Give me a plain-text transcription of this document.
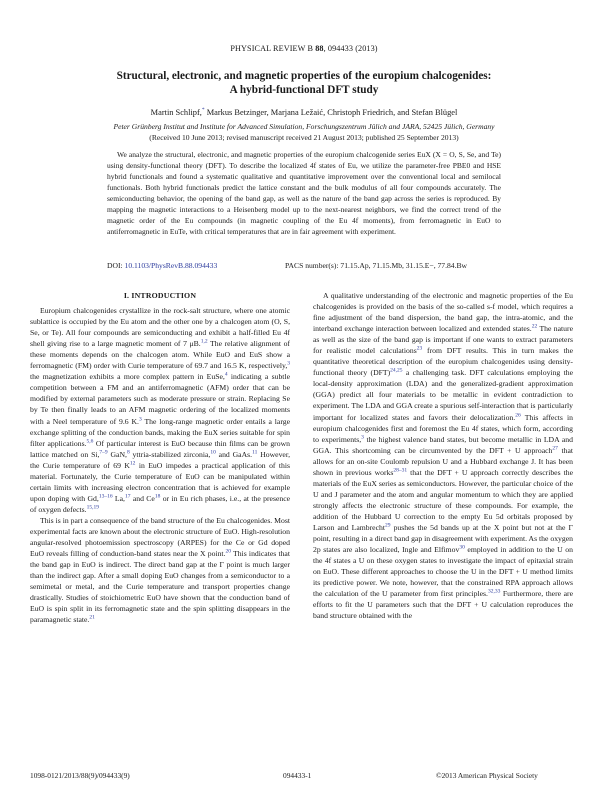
PHYSICAL REVIEW B 88, 094433 (2013)
Structural, electronic, and magnetic properties of the europium chalcogenides:
A hybrid-functional DFT study
Martin Schlipf,* Markus Betzinger, Marjana Ležaić, Christoph Friedrich, and Stefan Blügel
Peter Grünberg Institut and Institute for Advanced Simulation, Forschungszentrum Jülich and JARA, 52425 Jülich, Germany
(Received 10 June 2013; revised manuscript received 21 August 2013; published 25 September 2013)
We analyze the structural, electronic, and magnetic properties of the europium chalcogenide series EuX (X = O, S, Se, and Te) using density-functional theory (DFT). To describe the localized 4f states of Eu, we utilize the parameter-free PBE0 and HSE hybrid functionals and found a systematic qualitative and quantitative improvement over the conventional local and semilocal functionals. Both hybrid functionals predict the lattice constant and the bulk modulus of all four compounds accurately. The semiconducting behavior, the opening of the band gap, as well as the nature of the band gap across the series is reproduced. By mapping the magnetic interactions to a Heisenberg model up to the next-nearest neighbors, we find the correct trend of the magnetic order of the Eu compounds (in magnetic coupling of the Eu 4f moments), from ferromagnetic in EuO to antiferromagnetic in EuTe, with critical temperatures that are in fair agreement with experiment.
DOI: 10.1103/PhysRevB.88.094433	PACS number(s): 71.15.Ap, 71.15.Mb, 31.15.E−, 77.84.Bw
I. INTRODUCTION

Europium chalcogenides crystallize in the rock-salt structure, where one atomic sublattice is occupied by the Eu atom and the other one by a chalcogen atom (O, S, Se, or Te). All four compounds are semiconducting and exhibit a half-filled Eu 4f shell giving rise to a large magnetic moment of 7 μB.$^{1,2}$ The relative alignment of these moments depends on the chalcogen atom. While EuO and EuS show a ferromagnetic (FM) order with Curie temperature of 69.7 and 16.5 K, respectively,$^3$ the magnetization exhibits a more complex pattern in EuSe,$^4$ indicating a subtle competition between a FM and an antiferromagnetic (AFM) order that can be modified by external parameters such as moderate pressure or strain. Replacing Se by Te then finally leads to an AFM magnetic ordering of the localized moments with a Neel temperature of 9.6 K.$^3$ The long-range magnetic order entails a large exchange splitting of the conduction bands, making the EuX series suitable for spin filter applications.$^{5,6}$ Of particular interest is EuO because thin films can be grown lattice matched on Si,$^{7-9}$ GaN,$^8$ yttria-stabilized zirconia,$^{10}$ and GaAs.$^{11}$ However, the Curie temperature of 69 $K^{12}$ in EuO impedes a practical application of this material. Fortunately, the Curie temperature of EuO can be manipulated within certain limits with increasing electron concentration that is achieved for example upon doping with Gd,$^{13-16}$ La,$^{17}$ and Ce$^{18}$ or in Eu rich phases, i.e., at the presence of oxygen defects.$^{15,19}$

This is in part a consequence of the band structure of the Eu chalcogenides. Most experimental facts are known about the electronic structure of EuO. High-resolution angular-resolved photoemission spectroscopy (ARPES) for the Ce or Gd doped EuO reveals filling of conduction-band states near the X point.$^{20}$ This indicates that the band gap in EuO is indirect. The direct band gap at the Γ point is much larger than the indirect gap. After a small doping EuO changes from a semiconductor to a semimetal or metal, and the Curie temperature and transport properties change drastically. Studies of stoichiometric EuO have shown that the conduction band of EuO is spin split in its ferromagnetic state and the spin splitting disappears in the paramagnetic state.$^{21}$

A qualitative understanding of the electronic and magnetic properties of the Eu chalcogenides is provided on the basis of the so-called s-f model, which requires a fine adjustment of the band dispersion, the band gap, the intra-atomic, and the interband exchange interaction between localized and extended states.$^{22}$ The nature as well as the size of the band gap is important if one wants to extract parameters for realistic model calculations$^{23}$ from DFT results. This in turn makes the quantitative theoretical description of the europium chalcogenides using density-functional theory (DFT)$^{24,25}$ a challenging task. DFT calculations employing the local-density approximation (LDA) and the generalized-gradient approximation (GGA) predict all four materials to be metallic in evident contradiction to experiment. The LDA and GGA create a spurious self-interaction that is particularly important for localized states and favors their delocalization.$^{26}$ This affects in europium chalcogenides first and foremost the Eu 4f states, which form, according to experiments,$^3$ the highest valence band states, but become metallic in LDA and GGA. This shortcoming can be circumvented by the DFT + U approach$^{27}$ that allows for an on-site Coulomb repulsion U and a Hubbard exchange J. It has been shown in previous works$^{28-31}$ that the DFT + U approach correctly describes the materials of the EuX series as semiconductors. However, the particular choice of the U and J parameter and the atom and angular momentum to which they are applied strongly affects the electronic structure of these compounds. For example, the addition of the Hubbard U correction to the empty Eu 5d orbitals proposed by Larson and Lambrecht$^{29}$ pushes the 5d bands up at the X point but not at the Γ point, resulting in a direct band gap in disagreement with experiment. As the oxygen 2p states are also localized, Ingle and Elfimov$^{30}$ employed in addition to the U on the 4f states a U on these oxygen states to investigate the impact of epitaxial strain on EuO. These different approaches to choose the U in the DFT + U method limits its predictive power. We note, however, that the constrained RPA approach allows the calculation of the U parameter from first principles.$^{32,33}$ Furthermore, there are efforts to fit the U parameters such that the DFT + U calculation reproduces the band structure obtained with the

1098-0121/2013/88(9)/094433(9)	094433-1	©2013 American Physical Society
